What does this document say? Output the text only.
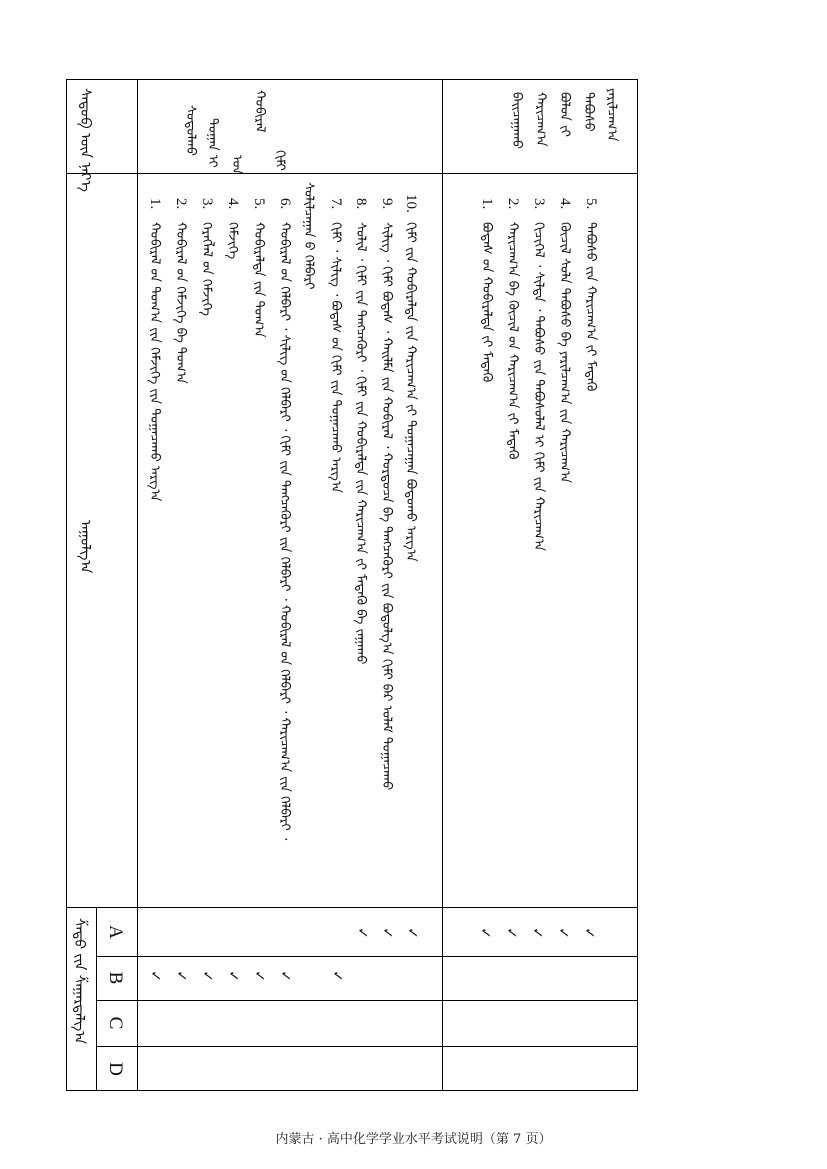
ᠰᠡᠳᠦᠪ ᠦᠨ ᠨᠡᠷ᠎ᠡ
ᠠᠭᠤᠯᠭ᠎ᠠ
ᠱᠠᠲᠤ ᠶ᠋ᠢᠨ ᠱᠠᠭᠠᠷᠳᠠᠯᠭ᠎ᠠ A
B
C
D
ᠬᠢᠮᠢ
ᠬᠤᠪᠢᠷᠠᠯ
ᠤᠨ
ᠲᠤᠭᠠᠨ ᠢ
ᠰᠤᠳᠤᠯᠬᠤ
10.
ᠬᠢᠮᠢ ᠶ᠋ᠢᠨ ᠬᠤᠪᠢᠷᠠᠯᠲᠠ ᠶ᠋ᠢᠨ ᠬᠠᠷᠢᠴᠠᠭ᠎ᠠ ᠶ᠋ᠢ ᠲᠣᠭᠠᠴᠠᠭᠠᠨ ᠪᠣᠳᠤᠬᠤ ᠠᠷᠭ᠎ᠠ
9.
ᠰᠢᠯᠢᠭ ᠂ ᠬᠢᠮᠢ ᠪᠣᠳᠠᠰ ᠂ ᠬᠠᠢᠯᠮᠠ ᠶ᠋ᠢᠨ ᠬᠤᠪᠢᠷᠠᠯ ᠂ ᠬᠤᠷᠳᠤᠴᠠ ᠪᠠ ᠲᠡᠩᠴᠡᠭᠦᠷᠢ ᠶ᠋ᠢᠨ ᠪᠣᠳᠤᠯᠭ᠎ᠠ ᠬᠢᠮᠢ ᠪᠠᠷ ᠤᠯᠠᠮ ᠲᠣᠭᠠᠴᠠᠬᠤ
8.
ᠰᠣᠯᠢᠯ ᠂ ᠬᠢᠮᠢ ᠶ᠋ᠢᠨ ᠲᠡᠩᠴᠡᠭᠦᠷᠢ ᠂ ᠬᠢᠮᠢ ᠶ᠋ᠢᠨ ᠬᠤᠪᠢᠷᠠᠯᠲᠠ ᠶ᠋ᠢᠨ ᠬᠠᠷᠢᠴᠠᠭ᠎ᠠ ᠶ᠋ᠢ ᠮᠡᠳᠡᠬᠦ ᠪᠠ ᠵᠠᠭᠠᠬᠤ
7.
ᠬᠢᠮᠢ ᠂ ᠰᠢᠯᠢᠭ ᠂ ᠪᠣᠳᠠᠰ ᠤ᠋ᠨ ᠬᠢᠮᠢ ᠶ᠋ᠢᠨ ᠲᠣᠭᠠᠴᠠᠬᠤ ᠠᠷᠭ᠎ᠠ
6.
ᠬᠤᠪᠢᠷᠠᠯ ᠤ᠋ᠨ ᠬᠡᠯᠪᠡᠷᠢ ᠂ ᠰᠢᠯᠢᠭ ᠤ᠋ᠨ ᠬᠡᠯᠪᠡᠷᠢ ᠂ ᠬᠢᠮᠢ ᠶ᠋ᠢᠨ ᠲᠡᠩᠴᠡᠭᠦᠷᠢ ᠶ᠋ᠢᠨ ᠬᠡᠯᠪᠡᠷᠢ ᠂ ᠬᠤᠪᠢᠷᠠᠯ ᠤ᠋ᠨ ᠬᠡᠯᠪᠡᠷᠢ ᠂ ᠬᠠᠷᠢᠴᠠᠭ᠎ᠠ ᠶ᠋ᠢᠨ ᠬᠡᠯᠪᠡᠷᠢ ᠂ ᠰᠣᠯᠢᠯᠴᠠᠭᠠᠨ ᠤ᠋ ᠬᠡᠯᠪᠡᠷᠢ
5.
ᠬᠤᠪᠢᠷᠠᠯᠲᠠ ᠶ᠋ᠢᠨ ᠲᠣᠭ᠎ᠠ
4.
ᠬᠡᠮᠵᠢᠭᠡ
3.
ᠬᠡᠷᠡᠭᠯᠡᠯ ᠤ᠋ᠨ ᠬᠡᠮᠵᠢᠭᠡ
2.
ᠬᠤᠪᠢᠷᠠᠯ ᠤ᠋ᠨ ᠬᠡᠮᠵᠢᠭᠡ ᠪᠠ ᠲᠣᠭ᠎ᠠ
1.
ᠬᠤᠪᠢᠷᠠᠯ ᠤ᠋ᠨ ᠲᠣᠭ᠎ᠠ ᠶ᠋ᠢᠨ ᠬᠡᠮᠵᠢᠭᠡ ᠶ᠋ᠢᠨ ᠲᠣᠭᠠᠴᠠᠬᠤ ᠠᠷᠭ᠎ᠠ
✓
✓
✓
✓
✓
✓
✓
✓
✓
✓
ᠶᠠᠷᠢᠯᠴᠠᠭ᠎ᠠ
ᠳᠠᠪᠤᠰᠤ
ᠪᠣᠯᠣᠨ ᠶ᠋ᠢ
ᠬᠠᠷᠢᠴᠠᠭ᠎ᠠ
ᠪᠠᠢᠴᠠᠭᠠᠬᠤ
5.
ᠳᠠᠪᠤᠰᠤ ᠶ᠋ᠢᠨ ᠬᠠᠷᠢᠴᠠᠭ᠎ᠠ ᠶ᠋ᠢ ᠮᠡᠳᠡᠬᠦ
4.
ᠬᠦᠴᠢᠯ ᠰᠤᠯᠠ ᠳᠠᠪᠤᠰᠤ ᠪᠠ ᠶᠠᠷᠢᠯᠴᠠᠭ᠎ᠠ ᠶ᠋ᠢᠨ ᠬᠠᠷᠢᠴᠠᠭ᠎ᠠ
3.
ᠬᠢᠴᠢᠭᠡᠯ ᠂ ᠰᠢᠯᠲᠡ ᠂ ᠳᠠᠪᠤᠰᠤ ᠶ᠋ᠢᠨ ᠳᠠᠪᠤᠰᠤᠯᠠᠯ ᠢ ᠬᠢᠮᠢ ᠶ᠋ᠢᠨ ᠬᠠᠷᠢᠴᠠᠭ᠎ᠠ
2.
ᠬᠠᠷᠢᠴᠠᠭ᠎ᠠ ᠪᠠ ᠬᠦᠴᠢᠯ ᠤ᠋ᠨ ᠬᠠᠷᠢᠴᠠᠭ᠎ᠠ ᠶ᠋ᠢ ᠮᠡᠳᠡᠬᠦ
1.
ᠪᠣᠳᠠᠰ ᠤ᠋ᠨ ᠬᠤᠪᠢᠷᠠᠯᠲᠠ ᠶ᠋ᠢ ᠮᠡᠳᠡᠬᠦ
✓
✓
✓
✓
✓
内蒙古 · 高中化学学业水平考试说明（第 7 页）
